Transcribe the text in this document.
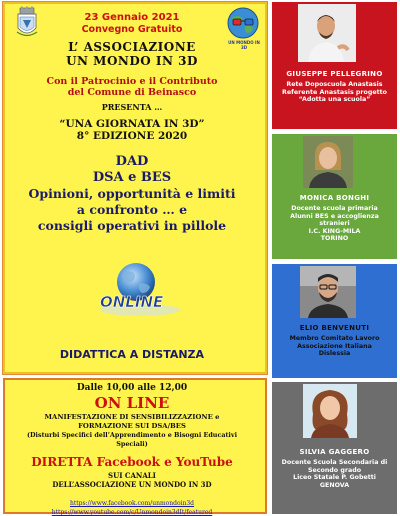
UN MONDO IN 3D
23 Gennaio 2021
Convegno Gratuito
L’ ASSOCIAZIONE
UN MONDO IN 3D
Con il Patrocinio e il Contributo
del Comune di Beinasco
PRESENTA …
“UNA GIORNATA IN 3D”
8° EDIZIONE 2020
DAD
DSA e BES
Opinioni, opportunità e limiti
a confronto … e
consigli operativi in pillole
ONLINE
DIDATTICA A DISTANZA
Dalle 10,00 alle 12,00
ON LINE
MANIFESTAZIONE DI SENSIBILIZZAZIONE e
FORMAZIONE SUI DSA/BES
(Disturbi Specifici dell’Apprendimento e Bisogni Educativi
Speciali)
DIRETTA Facebook e YouTube
SUI CANALI
DELL’ASSOCIAZIONE UN MONDO IN 3D
https://www.facebook.com/unmondoin3d
https://www.youtube.com/c/Unmondoin3dIt/featured
GIUSEPPE PELLEGRINO
Rete Doposcuola Anastasis
Referente Anastasis progetto
“Adotta una scuola”
MONICA BONGHI
Docente scuola primaria
Alunni BES e accoglienza
stranieri
I.C. KING-MILA
TORINO
ELIO BENVENUTI
Membro Comitato Lavoro
Associazione Italiana
Dislessia
SILVIA GAGGERO
Docente Scuola Secondaria di
Secondo grado
Liceo Statale P. Gobetti
GENOVA
